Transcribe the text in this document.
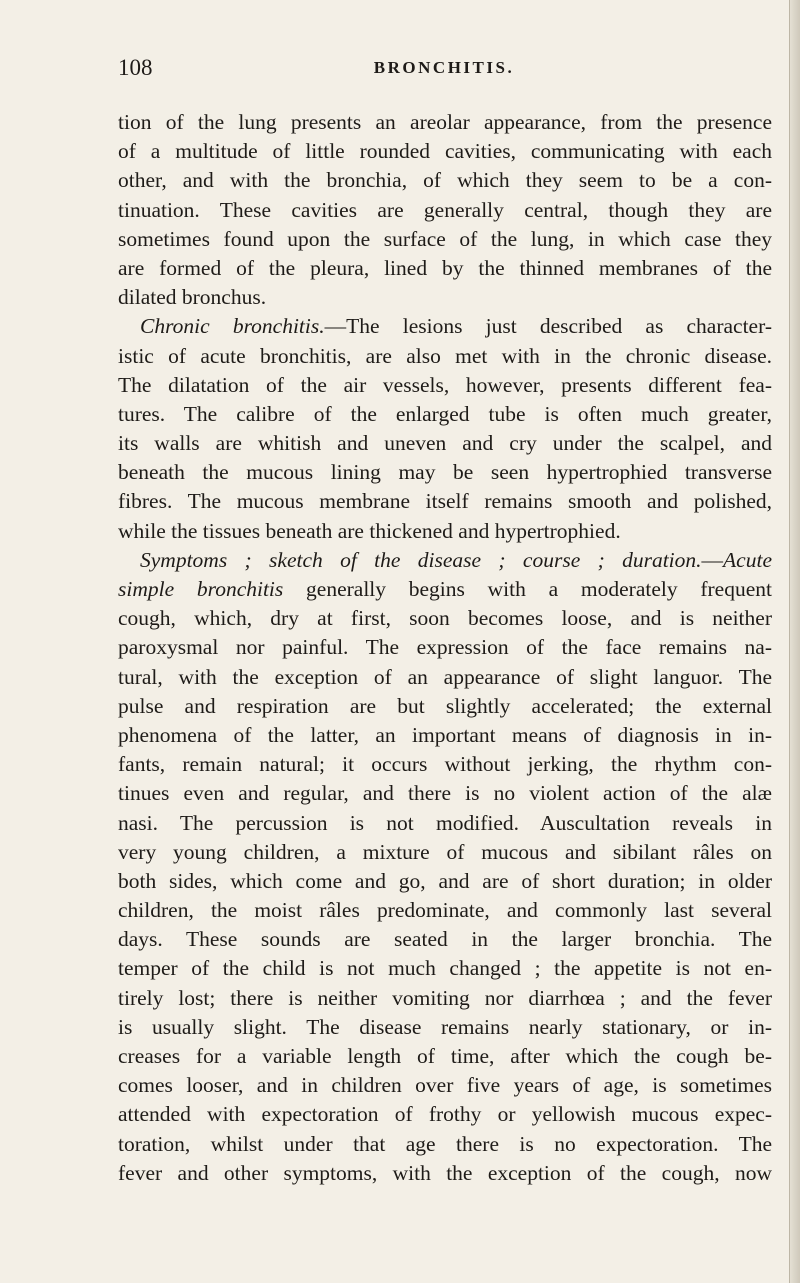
108	BRONCHITIS.
tion of the lung presents an areolar appearance, from the presence
of a multitude of little rounded cavities, communicating with each
other, and with the bronchia, of which they seem to be a con-
tinuation. These cavities are generally central, though they are
sometimes found upon the surface of the lung, in which case they
are formed of the pleura, lined by the thinned membranes of the
dilated bronchus.
Chronic bronchitis.—The lesions just described as character-
istic of acute bronchitis, are also met with in the chronic disease.
The dilatation of the air vessels, however, presents different fea-
tures. The calibre of the enlarged tube is often much greater,
its walls are whitish and uneven and cry under the scalpel, and
beneath the mucous lining may be seen hypertrophied transverse
fibres. The mucous membrane itself remains smooth and polished,
while the tissues beneath are thickened and hypertrophied.
Symptoms ; sketch of the disease ; course ; duration.—Acute
simple bronchitis generally begins with a moderately frequent
cough, which, dry at first, soon becomes loose, and is neither
paroxysmal nor painful. The expression of the face remains na-
tural, with the exception of an appearance of slight languor. The
pulse and respiration are but slightly accelerated; the external
phenomena of the latter, an important means of diagnosis in in-
fants, remain natural; it occurs without jerking, the rhythm con-
tinues even and regular, and there is no violent action of the alæ
nasi. The percussion is not modified. Auscultation reveals in
very young children, a mixture of mucous and sibilant râles on
both sides, which come and go, and are of short duration; in older
children, the moist râles predominate, and commonly last several
days. These sounds are seated in the larger bronchia. The
temper of the child is not much changed ; the appetite is not en-
tirely lost; there is neither vomiting nor diarrhœa ; and the fever
is usually slight. The disease remains nearly stationary, or in-
creases for a variable length of time, after which the cough be-
comes looser, and in children over five years of age, is sometimes
attended with expectoration of frothy or yellowish mucous expec-
toration, whilst under that age there is no expectoration. The
fever and other symptoms, with the exception of the cough, now
